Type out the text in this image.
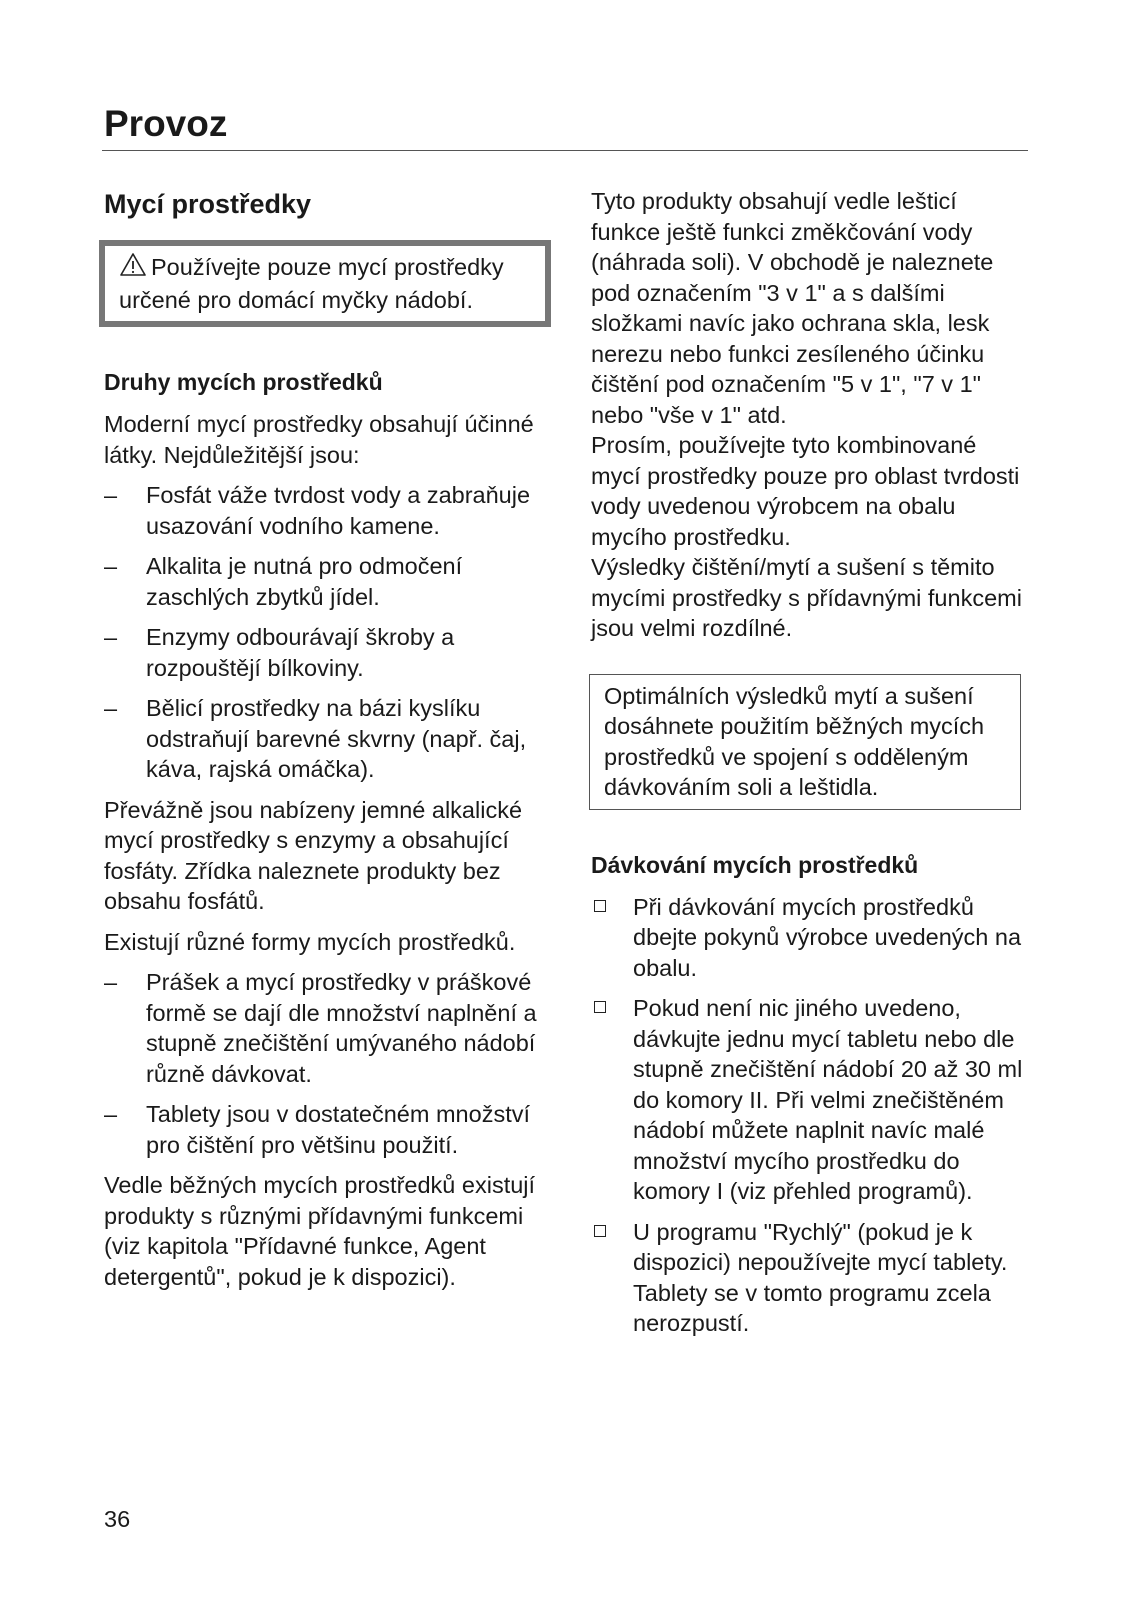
Provoz
Mycí prostředky
Používejte pouze mycí prostředky určené pro domácí myčky nádobí.
Druhy mycích prostředků

Moderní mycí prostředky obsahují účinné látky. Nejdůležitější jsou:

– Fosfát váže tvrdost vody a zabraňuje usazování vodního kamene.
– Alkalita je nutná pro odmočení zaschlých zbytků jídel.
– Enzymy odbourávají škroby a rozpouštějí bílkoviny.
– Bělicí prostředky na bázi kyslíku odstraňují barevné skvrny (např. čaj, káva, rajská omáčka).

Převážně jsou nabízeny jemné alkalické mycí prostředky s enzymy a obsahující fosfáty. Zřídka naleznete produkty bez obsahu fosfátů.

Existují různé formy mycích prostředků.

– Prášek a mycí prostředky v práškové formě se dají dle množství naplnění a stupně znečištění umývaného nádobí různě dávkovat.
– Tablety jsou v dostatečném množství pro čištění pro většinu použití.

Vedle běžných mycích prostředků existují produkty s různými přídavnými funkcemi (viz kapitola "Přídavné funkce, Agent detergentů", pokud je k dispozici).

Tyto produkty obsahují vedle lešticí funkce ještě funkci změkčování vody (náhrada soli). V obchodě je naleznete pod označením "3 v 1" a s dalšími složkami navíc jako ochrana skla, lesk nerezu nebo funkci zesíleného účinku čištění pod označením "5 v 1", "7 v 1" nebo "vše v 1" atd.

Prosím, používejte tyto kombinované mycí prostředky pouze pro oblast tvrdosti vody uvedenou výrobcem na obalu mycího prostředku.

Výsledky čištění/mytí a sušení s těmito mycími prostředky s přídavnými funkcemi jsou velmi rozdílné.

Optimálních výsledků mytí a sušení dosáhnete použitím běžných mycích prostředků ve spojení s odděleným dávkováním soli a leštidla.
Dávkování mycích prostředků
Při dávkování mycích prostředků dbejte pokynů výrobce uvedených na obalu.
Pokud není nic jiného uvedeno, dávkujte jednu mycí tabletu nebo dle stupně znečištění nádobí 20 až 30 ml do komory II. Při velmi znečištěném nádobí můžete naplnit navíc malé množství mycího prostředku do komory I (viz přehled programů).
U programu "Rychlý" (pokud je k dispozici) nepoužívejte mycí tablety. Tablety se v tomto programu zcela nerozpustí.
36
